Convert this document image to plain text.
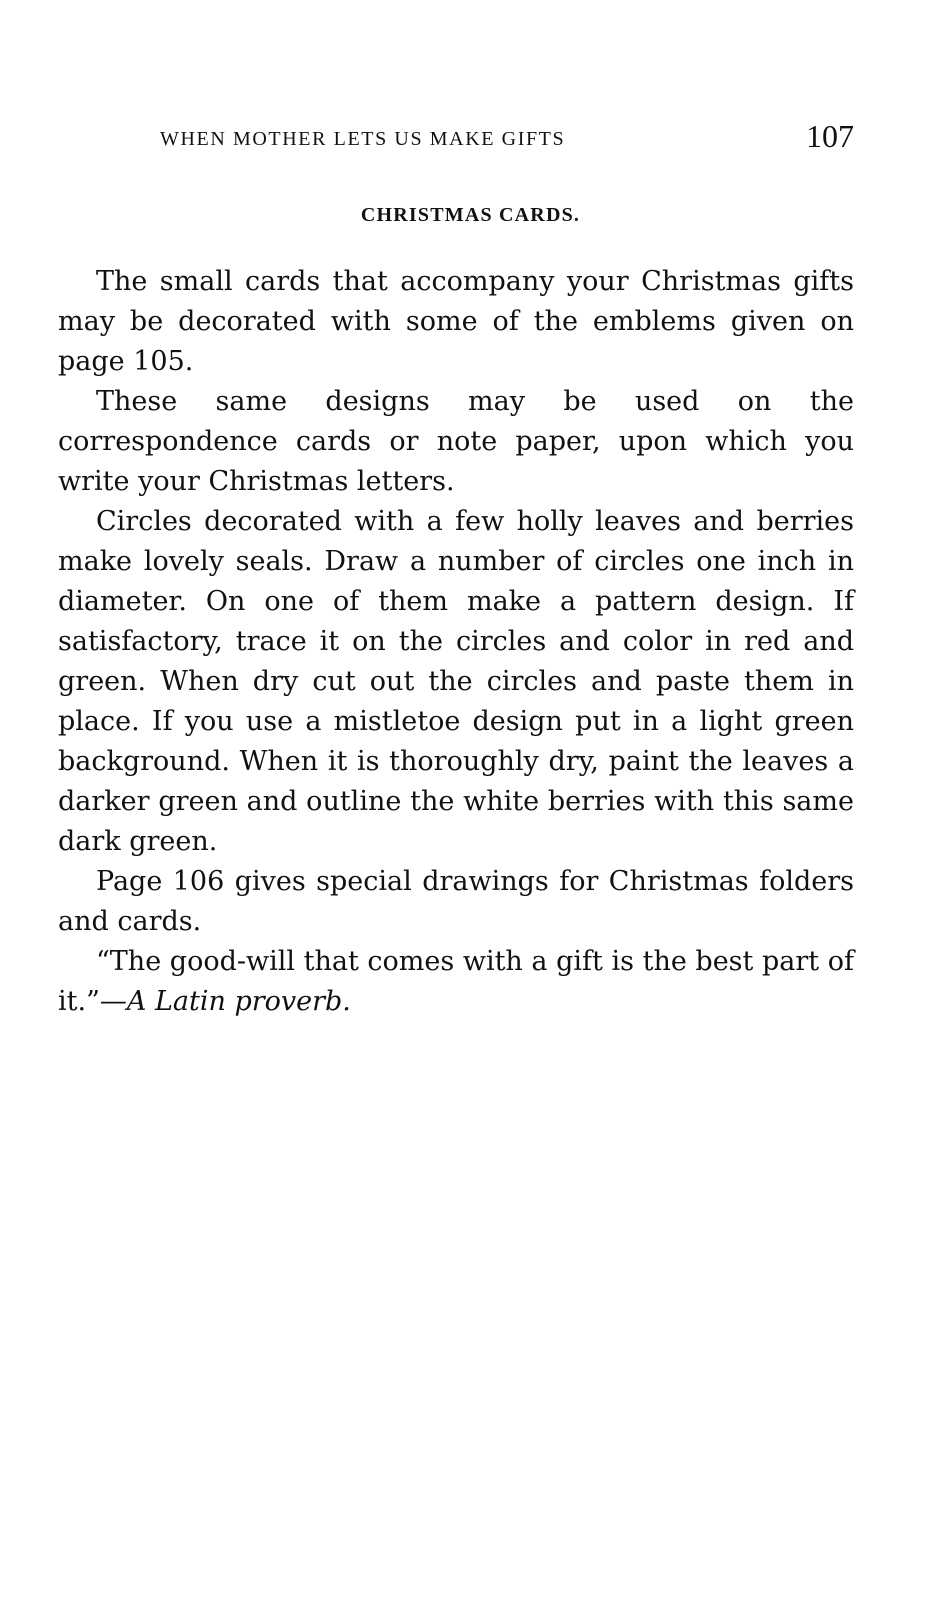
WHEN MOTHER LETS US MAKE GIFTS	107
CHRISTMAS CARDS.

The small cards that accompany your Christmas gifts may be decorated with some of the emblems given on page 105.

These same designs may be used on the correspondence cards or note paper, upon which you write your Christmas letters.

Circles decorated with a few holly leaves and berries make lovely seals. Draw a number of circles one inch in diameter. On one of them make a pattern design. If satisfactory, trace it on the circles and color in red and green. When dry cut out the circles and paste them in place. If you use a mistletoe design put in a light green background. When it is thoroughly dry, paint the leaves a darker green and outline the white berries with this same dark green.

Page 106 gives special drawings for Christmas folders and cards.

“The good-will that comes with a gift is the best part of it.”—A Latin proverb.
